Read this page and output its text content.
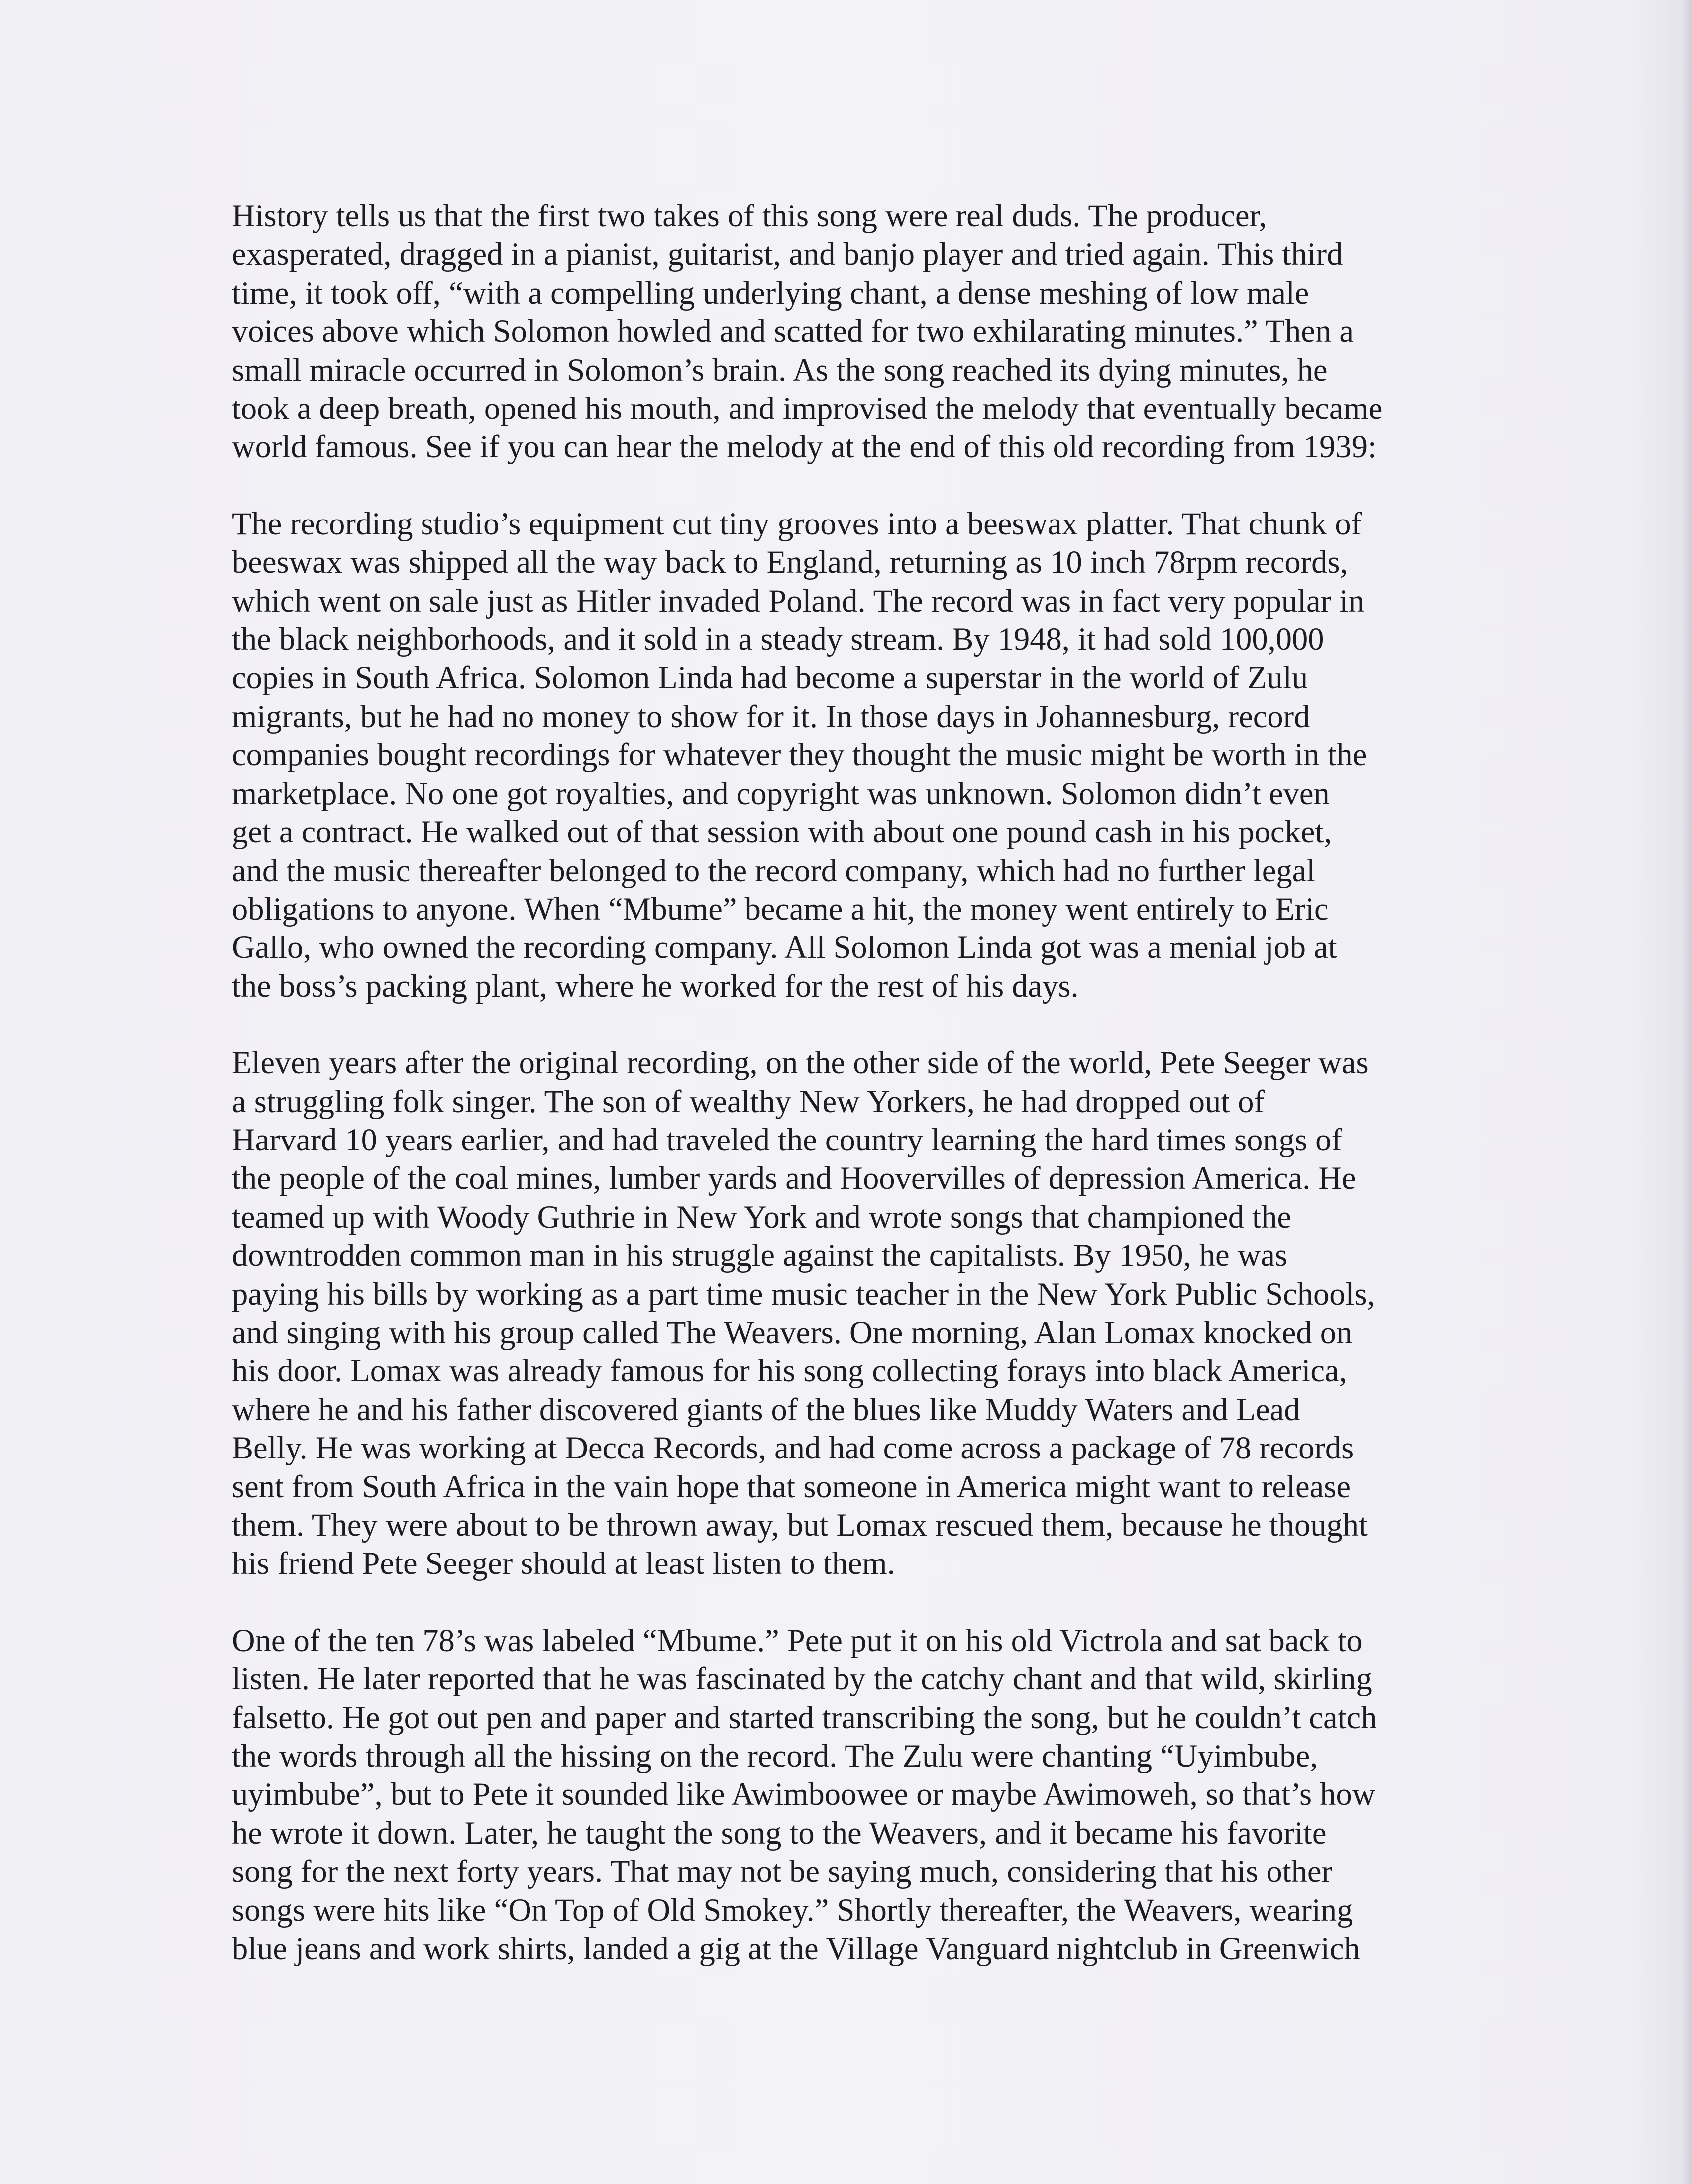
History tells us that the first two takes of this song were real duds. The producer,
exasperated, dragged in a pianist, guitarist, and banjo player and tried again. This third
time, it took off, “with a compelling underlying chant, a dense meshing of low male
voices above which Solomon howled and scatted for two exhilarating minutes.” Then a
small miracle occurred in Solomon’s brain. As the song reached its dying minutes, he
took a deep breath, opened his mouth, and improvised the melody that eventually became
world famous. See if you can hear the melody at the end of this old recording from 1939:

The recording studio’s equipment cut tiny grooves into a beeswax platter. That chunk of
beeswax was shipped all the way back to England, returning as 10 inch 78rpm records,
which went on sale just as Hitler invaded Poland. The record was in fact very popular in
the black neighborhoods, and it sold in a steady stream. By 1948, it had sold 100,000
copies in South Africa. Solomon Linda had become a superstar in the world of Zulu
migrants, but he had no money to show for it. In those days in Johannesburg, record
companies bought recordings for whatever they thought the music might be worth in the
marketplace. No one got royalties, and copyright was unknown. Solomon didn’t even
get a contract. He walked out of that session with about one pound cash in his pocket,
and the music thereafter belonged to the record company, which had no further legal
obligations to anyone. When “Mbume” became a hit, the money went entirely to Eric
Gallo, who owned the recording company. All Solomon Linda got was a menial job at
the boss’s packing plant, where he worked for the rest of his days.

Eleven years after the original recording, on the other side of the world, Pete Seeger was
a struggling folk singer. The son of wealthy New Yorkers, he had dropped out of
Harvard 10 years earlier, and had traveled the country learning the hard times songs of
the people of the coal mines, lumber yards and Hoovervilles of depression America. He
teamed up with Woody Guthrie in New York and wrote songs that championed the
downtrodden common man in his struggle against the capitalists. By 1950, he was
paying his bills by working as a part time music teacher in the New York Public Schools,
and singing with his group called The Weavers. One morning, Alan Lomax knocked on
his door. Lomax was already famous for his song collecting forays into black America,
where he and his father discovered giants of the blues like Muddy Waters and Lead
Belly. He was working at Decca Records, and had come across a package of 78 records
sent from South Africa in the vain hope that someone in America might want to release
them. They were about to be thrown away, but Lomax rescued them, because he thought
his friend Pete Seeger should at least listen to them.

One of the ten 78’s was labeled “Mbume.” Pete put it on his old Victrola and sat back to
listen. He later reported that he was fascinated by the catchy chant and that wild, skirling
falsetto. He got out pen and paper and started transcribing the song, but he couldn’t catch
the words through all the hissing on the record. The Zulu were chanting “Uyimbube,
uyimbube”, but to Pete it sounded like Awimboowee or maybe Awimoweh, so that’s how
he wrote it down. Later, he taught the song to the Weavers, and it became his favorite
song for the next forty years. That may not be saying much, considering that his other
songs were hits like “On Top of Old Smokey.” Shortly thereafter, the Weavers, wearing
blue jeans and work shirts, landed a gig at the Village Vanguard nightclub in Greenwich
